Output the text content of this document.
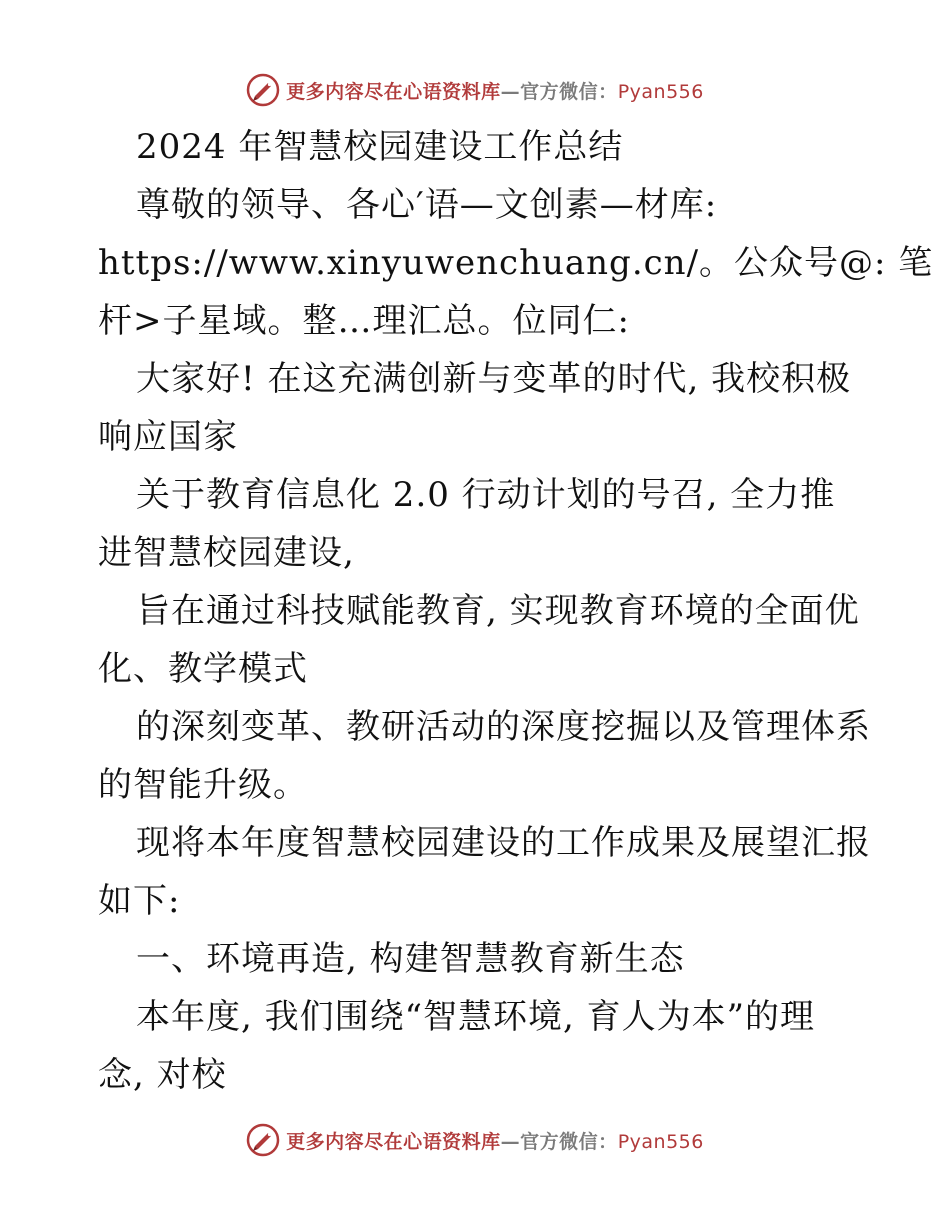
更多内容尽在心语资料库—官方微信：Pyan556
2024 年智慧校园建设工作总结
尊敬的领导、各心′语—文创素—材库:
https://www.xinyuwenchuang.cn/。公众号@: 笔
杆>子星域。整…理汇总。位同仁:
大家好! 在这充满创新与变革的时代, 我校积极
响应国家
关于教育信息化 2.0 行动计划的号召, 全力推
进智慧校园建设,
旨在通过科技赋能教育, 实现教育环境的全面优
化、教学模式
的深刻变革、教研活动的深度挖掘以及管理体系
的智能升级。
现将本年度智慧校园建设的工作成果及展望汇报
如下:
一、环境再造, 构建智慧教育新生态
本年度, 我们围绕“智慧环境, 育人为本”的理
念, 对校
更多内容尽在心语资料库—官方微信：Pyan556
